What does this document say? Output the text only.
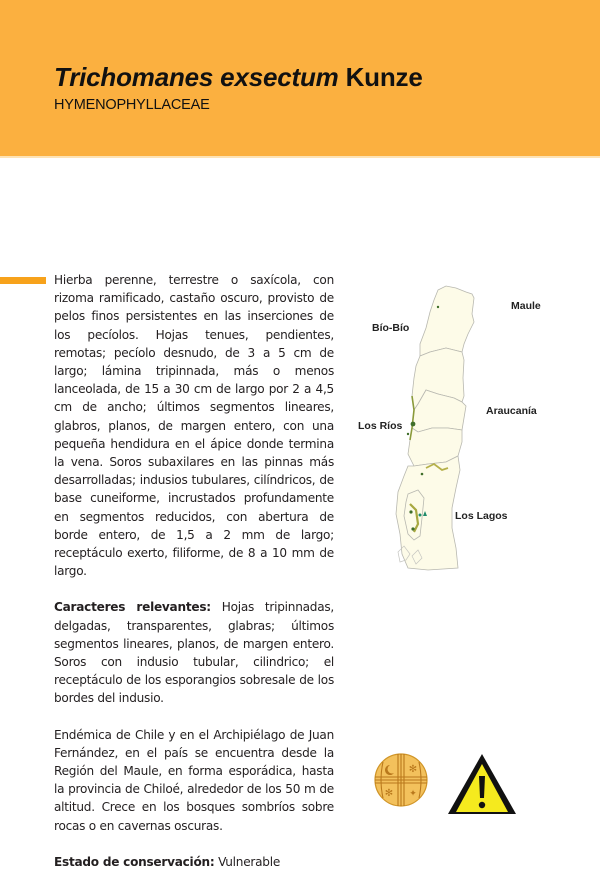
Trichomanes exsectum Kunze
HYMENOPHYLLACEAE

Hierba perenne, terrestre o saxícola, con rizoma ramificado, castaño oscuro, provisto de pelos finos persistentes en las inserciones de los pecíolos. Hojas tenues, pendientes, remotas; pecíolo desnudo, de 3 a 5 cm de largo; lámina tripinnada, más o menos lanceolada, de 15 a 30 cm de largo por 2 a 4,5 cm de ancho; últimos segmentos lineares, glabros, planos, de margen entero, con una pequeña hendidura en el ápice donde termina la vena. Soros subaxilares en las pinnas más desarrolladas; indusios tubulares, cilíndricos, de base cuneiforme, incrustados profundamente en segmentos reducidos, con abertura de borde entero, de 1,5 a 2 mm de largo; receptáculo exerto, filiforme, de 8 a 10 mm de largo.

Caracteres relevantes: Hojas tripinnadas, delgadas, transparentes, glabras; últimos segmentos lineares, planos, de margen entero. Soros con indusio tubular, cilindrico; el receptáculo de los esporangios sobresale de los bordes del indusio.

Endémica de Chile y en el Archipiélago de Juan Fernández, en el país se encuentra desde la Región del Maule, en forma esporádica, hasta la provincia de Chiloé, alrededor de los 50 m de altitud. Crece en los bosques sombríos sobre rocas o en cavernas oscuras.

Estado de conservación: Vulnerable

Maule
Bío-Bío
Araucanía
Los Ríos
Los Lagos
✻
✻ ✦
